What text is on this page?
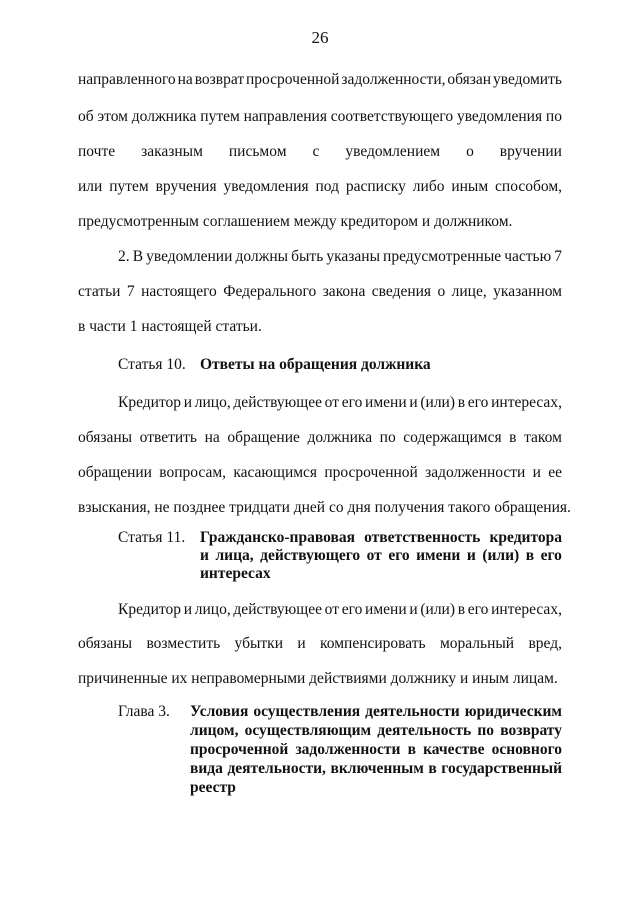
26
направленного на возврат просроченной задолженности, обязан уведомить
об этом должника путем направления соответствующего уведомления по
почте заказным письмом с уведомлением о вручении
или путем вручения уведомления под расписку либо иным способом,
предусмотренным соглашением между кредитором и должником.
2. В уведомлении должны быть указаны предусмотренные частью 7
статьи 7 настоящего Федерального закона сведения о лице, указанном
в части 1 настоящей статьи.
Статья 10. Ответы на обращения должника
Кредитор и лицо, действующее от его имени и (или) в его интересах,
обязаны ответить на обращение должника по содержащимся в таком
обращении вопросам, касающимся просроченной задолженности и ее
взыскания, не позднее тридцати дней со дня получения такого обращения.
Статья 11. Гражданско-правовая ответственность кредитора
и лица, действующего от его имени и (или) в его
интересах
Кредитор и лицо, действующее от его имени и (или) в его интересах,
обязаны возместить убытки и компенсировать моральный вред,
причиненные их неправомерными действиями должнику и иным лицам.
Глава 3. Условия осуществления деятельности юридическим
лицом, осуществляющим деятельность по возврату
просроченной задолженности в качестве основного
вида деятельности, включенным в государственный
реестр
